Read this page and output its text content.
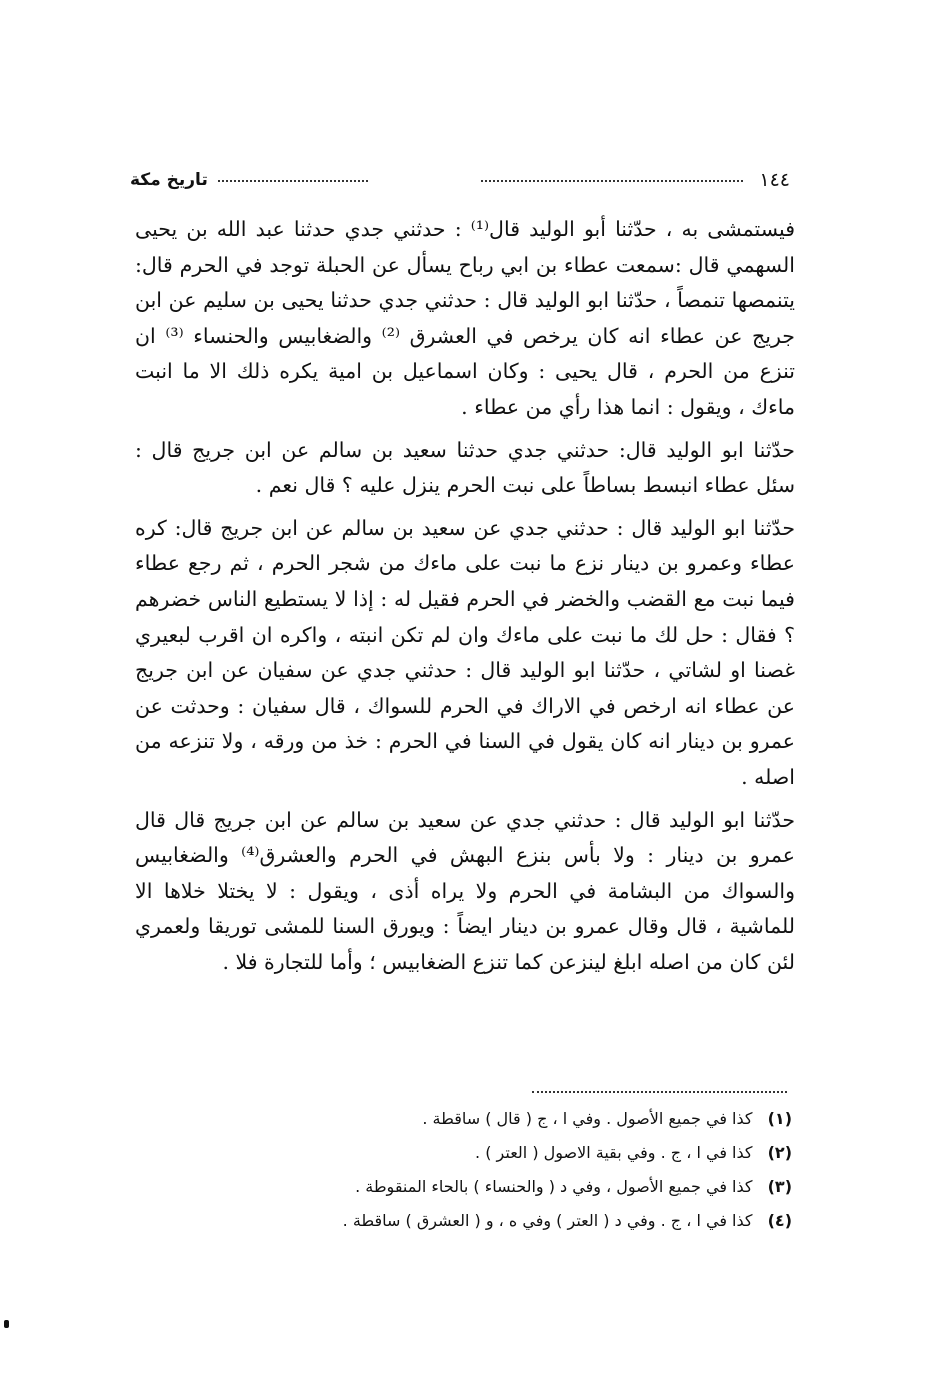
١٤٤
تاريخ مكة

فيستمشى به ، حدّثنا أبو الوليد قال⁽¹⁾ : حدثني جدي حدثنا عبد الله بن يحيى السهمي قال :سمعت عطاء بن ابي رباح يسأل عن الحبلة توجد في الحرم قال: يتنمصها تنمصاً ، حدّثنا ابو الوليد قال : حدثني جدي حدثنا يحيى بن سليم عن ابن جريج عن عطاء انه كان يرخص في العشرق ⁽²⁾ والضغابيس والحنساء ⁽³⁾ ان تنزع من الحرم ، قال يحيى : وكان اسماعيل بن امية يكره ذلك الا ما انبت ماءك ، ويقول : انما هذا رأي من عطاء .

حدّثنا ابو الوليد قال: حدثني جدي حدثنا سعيد بن سالم عن ابن جريج قال : سئل عطاء انبسط بساطاً على نبت الحرم ينزل عليه ؟ قال نعم .

حدّثنا ابو الوليد قال : حدثني جدي عن سعيد بن سالم عن ابن جريج قال: كره عطاء وعمرو بن دينار نزع ما نبت على ماءك من شجر الحرم ، ثم رجع عطاء فيما نبت مع القضب والخضر في الحرم فقيل له : إذا لا يستطيع الناس خضرهم ؟ فقال : حل لك ما نبت على ماءك وان لم تكن انبته ، واكره ان اقرب لبعيري غصنا او لشاتي ، حدّثنا ابو الوليد قال : حدثني جدي عن سفيان عن ابن جريج عن عطاء انه ارخص في الاراك في الحرم للسواك ، قال سفيان : وحدثت عن عمرو بن دينار انه كان يقول في السنا في الحرم : خذ من ورقه ، ولا تنزعه من اصله .

حدّثنا ابو الوليد قال : حدثني جدي عن سعيد بن سالم عن ابن جريج قال قال عمرو بن دينار : ولا بأس بنزع البهش في الحرم والعشرق⁽⁴⁾ والضغابيس والسواك من البشامة في الحرم ولا يراه أذى ، ويقول : لا يختلا خلاها الا للماشية ، قال وقال عمرو بن دينار ايضاً : ويورق السنا للمشى توريقا ولعمري لئن كان من اصله ابلغ لينزعن كما تنزع الضغابيس ؛ وأما للتجارة فلا .

(١) كذا في جميع الأصول . وفي ا ، ج ( قال ) ساقطة .

(٢) كذا في ا ، ج . وفي بقية الاصول ( العتر ) .

(٣) كذا في جميع الأصول ، وفي د ( والحنساء ) بالحاء المنقوطة .

(٤) كذا في ا ، ج . وفي د ( العتر ) وفي ه ، و ( العشرق ) ساقطة .
